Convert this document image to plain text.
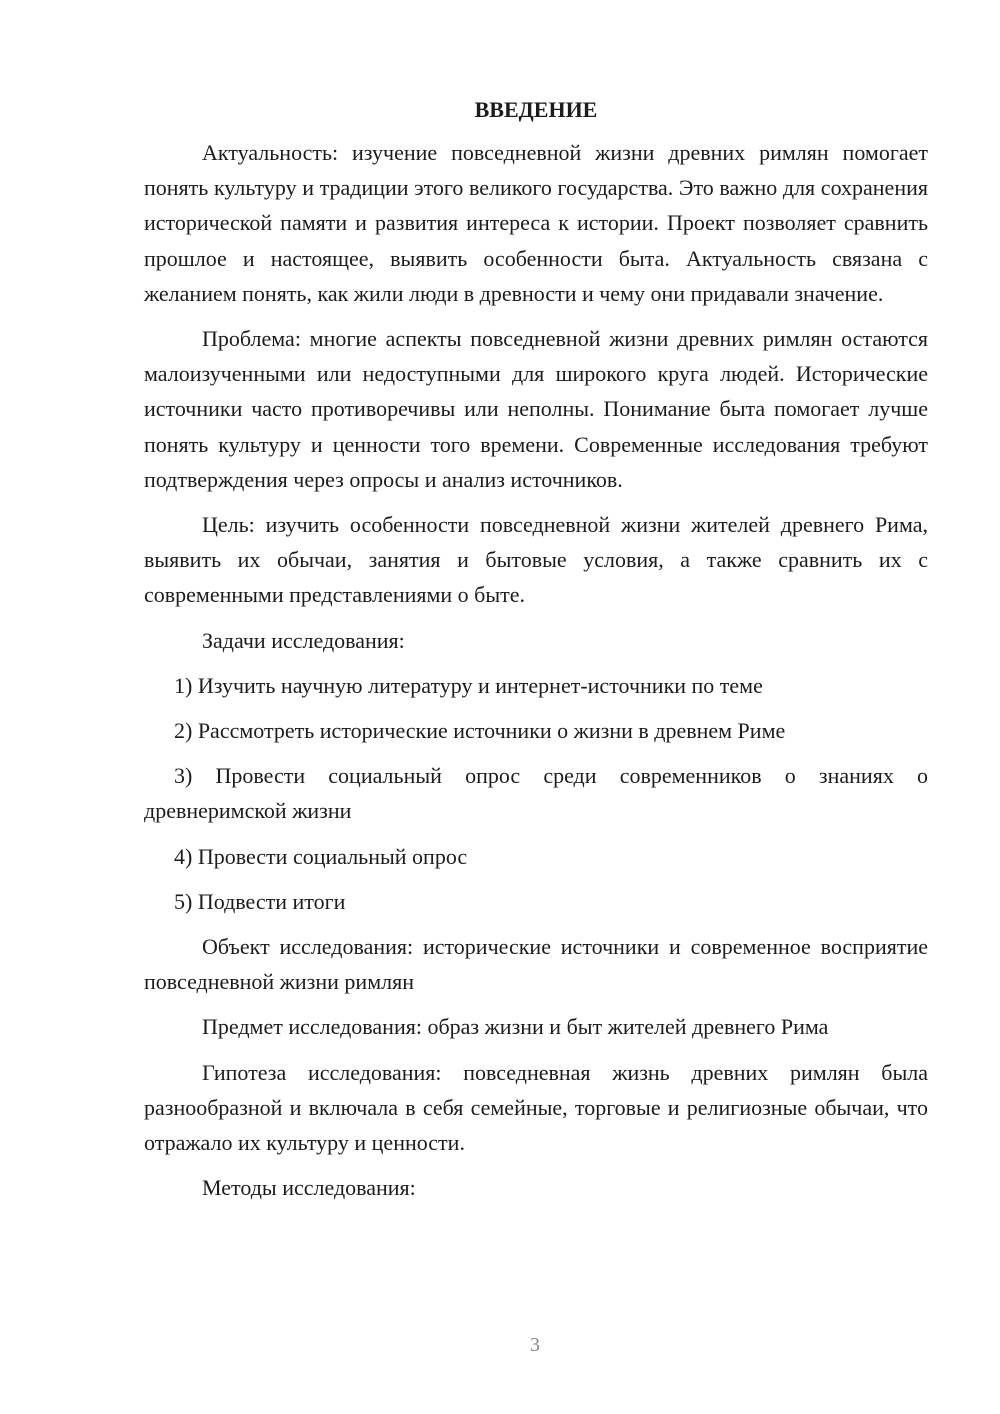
ВВЕДЕНИЕ

Актуальность: изучение повседневной жизни древних римлян помогает понять культуру и традиции этого великого государства. Это важно для сохранения исторической памяти и развития интереса к истории. Проект позволяет сравнить прошлое и настоящее, выявить особенности быта. Актуальность связана с желанием понять, как жили люди в древности и чему они придавали значение.

Проблема: многие аспекты повседневной жизни древних римлян остаются малоизученными или недоступными для широкого круга людей. Исторические источники часто противоречивы или неполны. Понимание быта помогает лучше понять культуру и ценности того времени. Современные исследования требуют подтверждения через опросы и анализ источников.

Цель: изучить особенности повседневной жизни жителей древнего Рима, выявить их обычаи, занятия и бытовые условия, а также сравнить их с современными представлениями о быте.

Задачи исследования:

1) Изучить научную литературу и интернет-источники по теме

2) Рассмотреть исторические источники о жизни в древнем Риме

3) Провести социальный опрос среди современников о знаниях о древнеримской жизни

4) Провести социальный опрос

5) Подвести итоги

Объект исследования: исторические источники и современное восприятие повседневной жизни римлян

Предмет исследования: образ жизни и быт жителей древнего Рима

Гипотеза исследования: повседневная жизнь древних римлян была разнообразной и включала в себя семейные, торговые и религиозные обычаи, что отражало их культуру и ценности.

Методы исследования:

3
